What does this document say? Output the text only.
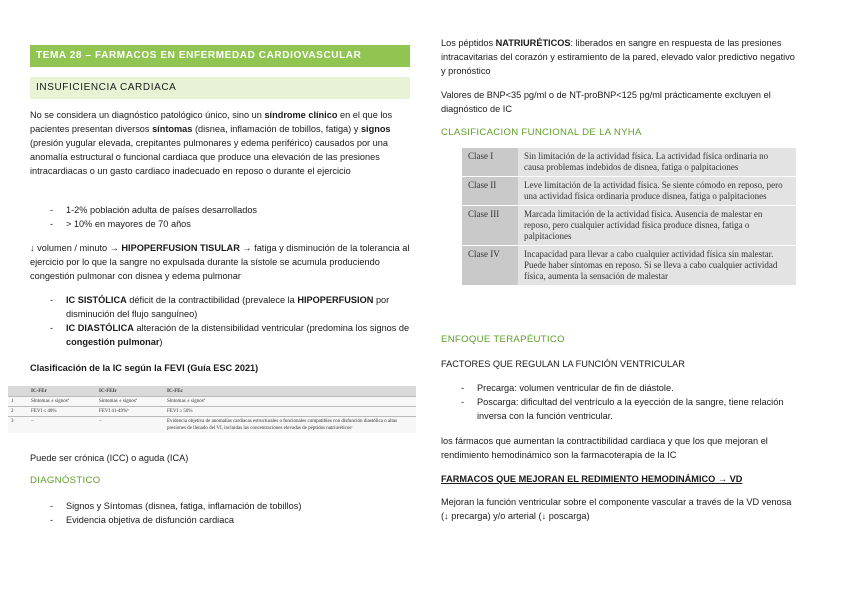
TEMA 28 – FARMACOS EN ENFERMEDAD CARDIOVASCULAR
INSUFICIENCIA CARDIACA

No se considera un diagnóstico patológico único, sino un síndrome clínico en el que los pacientes presentan diversos síntomas (disnea, inflamación de tobillos, fatiga) y signos (presión yugular elevada, crepitantes pulmonares y edema periférico) causados por una anomalía estructural o funcional cardiaca que produce una elevación de las presiones intracardiacas o un gasto cardiaco inadecuado en reposo o durante el ejercicio

- 1-2% población adulta de países desarrollados
- > 10% en mayores de 70 años

↓ volumen / minuto → HIPOPERFUSION TISULAR → fatiga y disminución de la tolerancia al ejercicio por lo que la sangre no expulsada durante la sístole se acumula produciendo congestión pulmonar con disnea y edema pulmonar

- IC SISTÓLICA déficit de la contractibilidad (prevalece la HIPOPERFUSION por disminución del flujo sanguíneo)
- IC DIASTÓLICA alteración de la distensibilidad ventricular (predomina los signos de congestión pulmonar)

Clasificación de la IC según la FEVI (Guía ESC 2021)

	IC-FEr	IC-FEIr	IC-FEc
1	Síntomas ± signosª	Síntomas ± signosª	Síntomas ± signosª
2	FEVI ≤ 40%	FEVI 41-49%ᵇ	FEVI ≥ 50%
3	–	–	Evidencia objetiva de anomalías cardiacas estructurales o funcionales compatibles con disfunción diastólica o altas presiones de llenado del VI, incluidas las concentraciones elevadas de péptidos natriuréticosᶜ

Puede ser crónica (ICC) o aguda (ICA)

DIAGNÓSTICO

- Signos y Síntomas (disnea, fatiga, inflamación de tobillos)
- Evidencia objetiva de disfunción cardiaca

Los péptidos NATRIURÉTICOS: liberados en sangre en respuesta de las presiones intracavitarias del corazón y estiramiento de la pared, elevado valor predictivo negativo y pronóstico

Valores de BNP<35 pg/ml o de NT-proBNP<125 pg/ml prácticamente excluyen el diagnóstico de IC

CLASIFICACION FUNCIONAL DE LA NYHA

Clase I	Sin limitación de la actividad física. La actividad física ordinaria no causa problemas indebidos de disnea, fatiga o palpitaciones
Clase II	Leve limitación de la actividad física. Se siente cómodo en reposo, pero una actividad física ordinaria produce disnea, fatiga o palpitaciones
Clase III	Marcada limitación de la actividad física. Ausencia de malestar en reposo, pero cualquier actividad física produce disnea, fatiga o palpitaciones
Clase IV	Incapacidad para llevar a cabo cualquier actividad física sin malestar. Puede haber síntomas en reposo. Si se lleva a cabo cualquier actividad física, aumenta la sensación de malestar

ENFOQUE TERAPÉUTICO

FACTORES QUE REGULAN LA FUNCIÓN VENTRICULAR

- Precarga: volumen ventricular de fin de diástole.
- Poscarga: dificultad del ventrículo a la eyección de la sangre, tiene relación inversa con la función ventricular.

los fármacos que aumentan la contractibilidad cardiaca y que los que mejoran el rendimiento hemodinámico son la farmacoterapia de la IC

FARMACOS QUE MEJORAN EL REDIMIENTO HEMODINÁMICO → VD

Mejoran la función ventricular sobre el componente vascular a través de la VD venosa (↓ precarga) y/o arterial (↓ poscarga)
